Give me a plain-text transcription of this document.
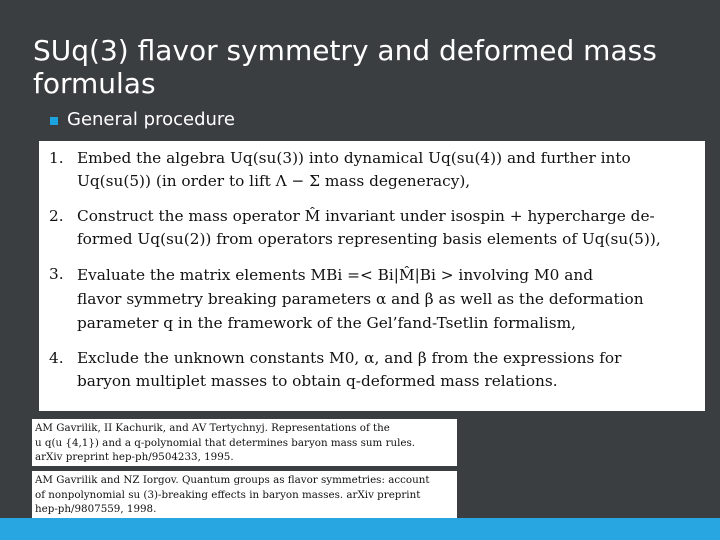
SUq(3) flavor symmetry and deformed mass formulas
General procedure
1. Embed the algebra Uq(su(3)) into dynamical Uq(su(4)) and further into
Uq(su(5)) (in order to lift Λ − Σ mass degeneracy),
2. Construct the mass operator M̂ invariant under isospin + hypercharge de-
formed Uq(su(2)) from operators representing basis elements of Uq(su(5)),
3. Evaluate the matrix elements MBi =< Bi|M̂|Bi > involving M0 and
flavor symmetry breaking parameters α and β as well as the deformation
parameter q in the framework of the Gel’fand-Tsetlin formalism,
4. Exclude the unknown constants M0, α, and β from the expressions for
baryon multiplet masses to obtain q-deformed mass relations.
AM Gavrilik, II Kachurik, and AV Tertychnyj. Representations of the
u q(u {4,1}) and a q-polynomial that determines baryon mass sum rules.
arXiv preprint hep-ph/9504233, 1995.
AM Gavrilik and NZ Iorgov. Quantum groups as flavor symmetries: account
of nonpolynomial su (3)-breaking effects in baryon masses. arXiv preprint
hep-ph/9807559, 1998.
